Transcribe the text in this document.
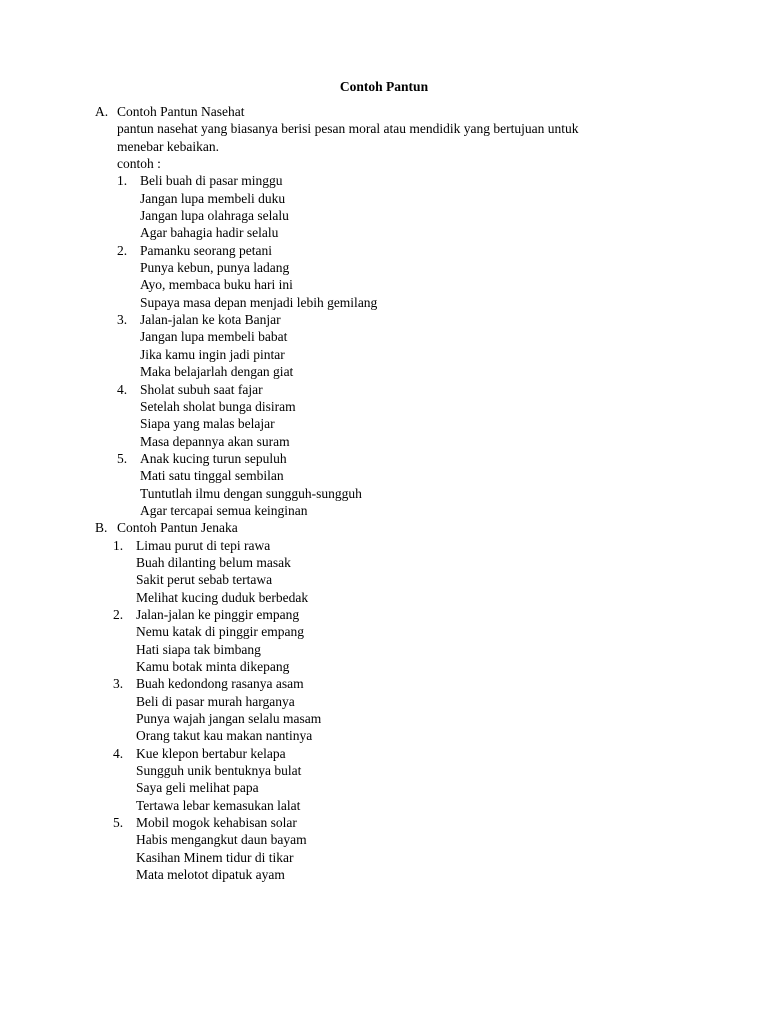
Contoh Pantun
A. Contoh Pantun Nasehat
pantun nasehat yang biasanya berisi pesan moral atau mendidik yang bertujuan untuk
menebar kebaikan.
contoh :
1. Beli buah di pasar minggu
Jangan lupa membeli duku
Jangan lupa olahraga selalu
Agar bahagia hadir selalu
2. Pamanku seorang petani
Punya kebun, punya ladang
Ayo, membaca buku hari ini
Supaya masa depan menjadi lebih gemilang
3. Jalan-jalan ke kota Banjar
Jangan lupa membeli babat
Jika kamu ingin jadi pintar
Maka belajarlah dengan giat
4. Sholat subuh saat fajar
Setelah sholat bunga disiram
Siapa yang malas belajar
Masa depannya akan suram
5. Anak kucing turun sepuluh
Mati satu tinggal sembilan
Tuntutlah ilmu dengan sungguh-sungguh
Agar tercapai semua keinginan
B. Contoh Pantun Jenaka
1. Limau purut di tepi rawa
Buah dilanting belum masak
Sakit perut sebab tertawa
Melihat kucing duduk berbedak
2. Jalan-jalan ke pinggir empang
Nemu katak di pinggir empang
Hati siapa tak bimbang
Kamu botak minta dikepang
3. Buah kedondong rasanya asam
Beli di pasar murah harganya
Punya wajah jangan selalu masam
Orang takut kau makan nantinya
4. Kue klepon bertabur kelapa
Sungguh unik bentuknya bulat
Saya geli melihat papa
Tertawa lebar kemasukan lalat
5. Mobil mogok kehabisan solar
Habis mengangkut daun bayam
Kasihan Minem tidur di tikar
Mata melotot dipatuk ayam
